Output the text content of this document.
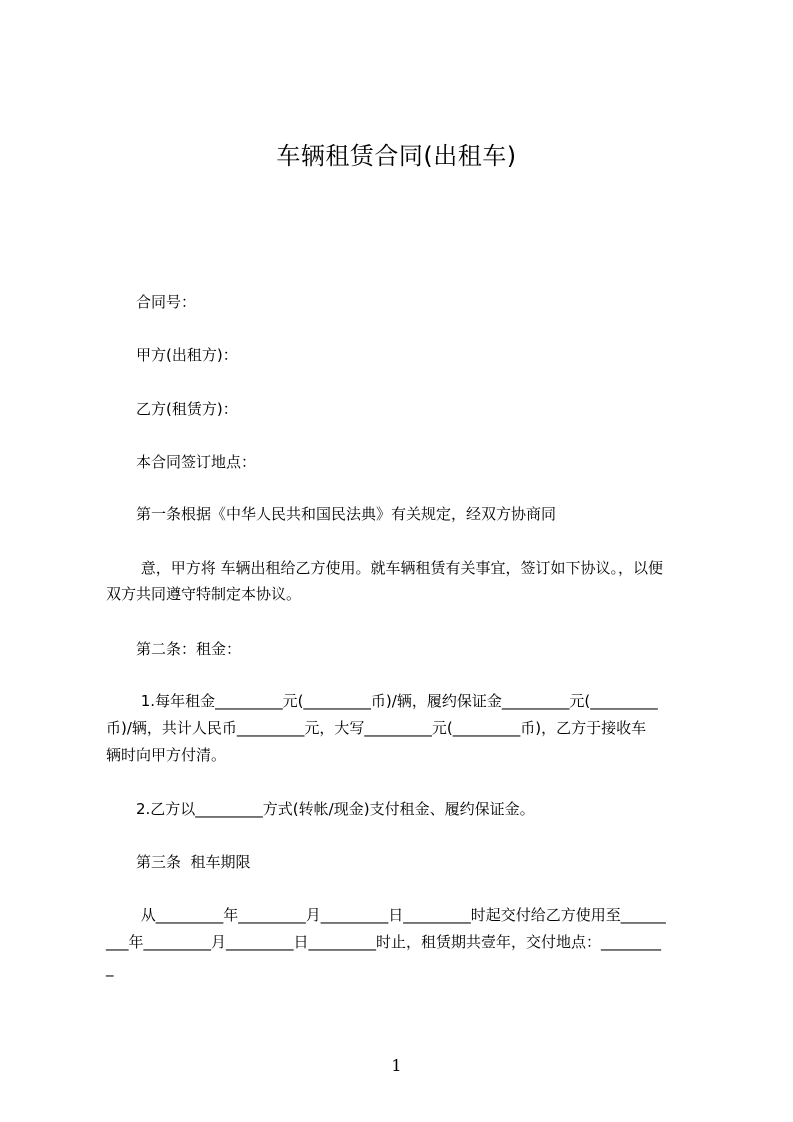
车辆租赁合同(出租车)
合同号：
甲方(出租方)：
乙方(租赁方)：
本合同签订地点：
第一条根据《中华人民共和国民法典》有关规定，经双方协商同
意，甲方将 车辆出租给乙方使用。就车辆租赁有关事宜，签订如下协议。，以便
双方共同遵守特制定本协议。
第二条：租金：
1.每年租金_________元(_________币)/辆，履约保证金_________元(_________
币)/辆，共计人民币_________元，大写_________元(_________币)，乙方于接收车
辆时向甲方付清。
2.乙方以_________方式(转帐/现金)支付租金、履约保证金。
第三条  租车期限
从_________年_________月_________日_________时起交付给乙方使用至______
___年_________月_________日_________时止，租赁期共壹年，交付地点：________
_
1
